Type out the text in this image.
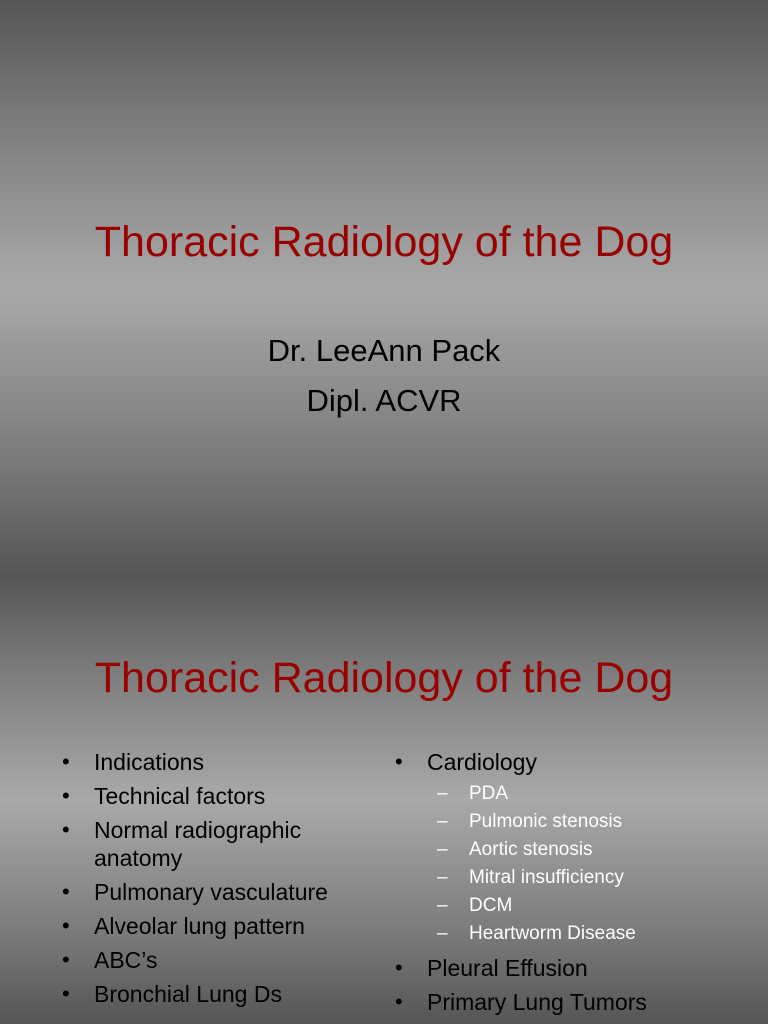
Thoracic Radiology of the Dog
Dr. LeeAnn Pack
Dipl. ACVR
Thoracic Radiology of the Dog
• Indications
• Technical factors
• Normal radiographic anatomy
• Pulmonary vasculature
• Alveolar lung pattern
• ABC’s
• Bronchial Lung Ds
• Cardiology
– PDA
– Pulmonic stenosis
– Aortic stenosis
– Mitral insufficiency
– DCM
– Heartworm Disease
• Pleural Effusion
• Primary Lung Tumors
